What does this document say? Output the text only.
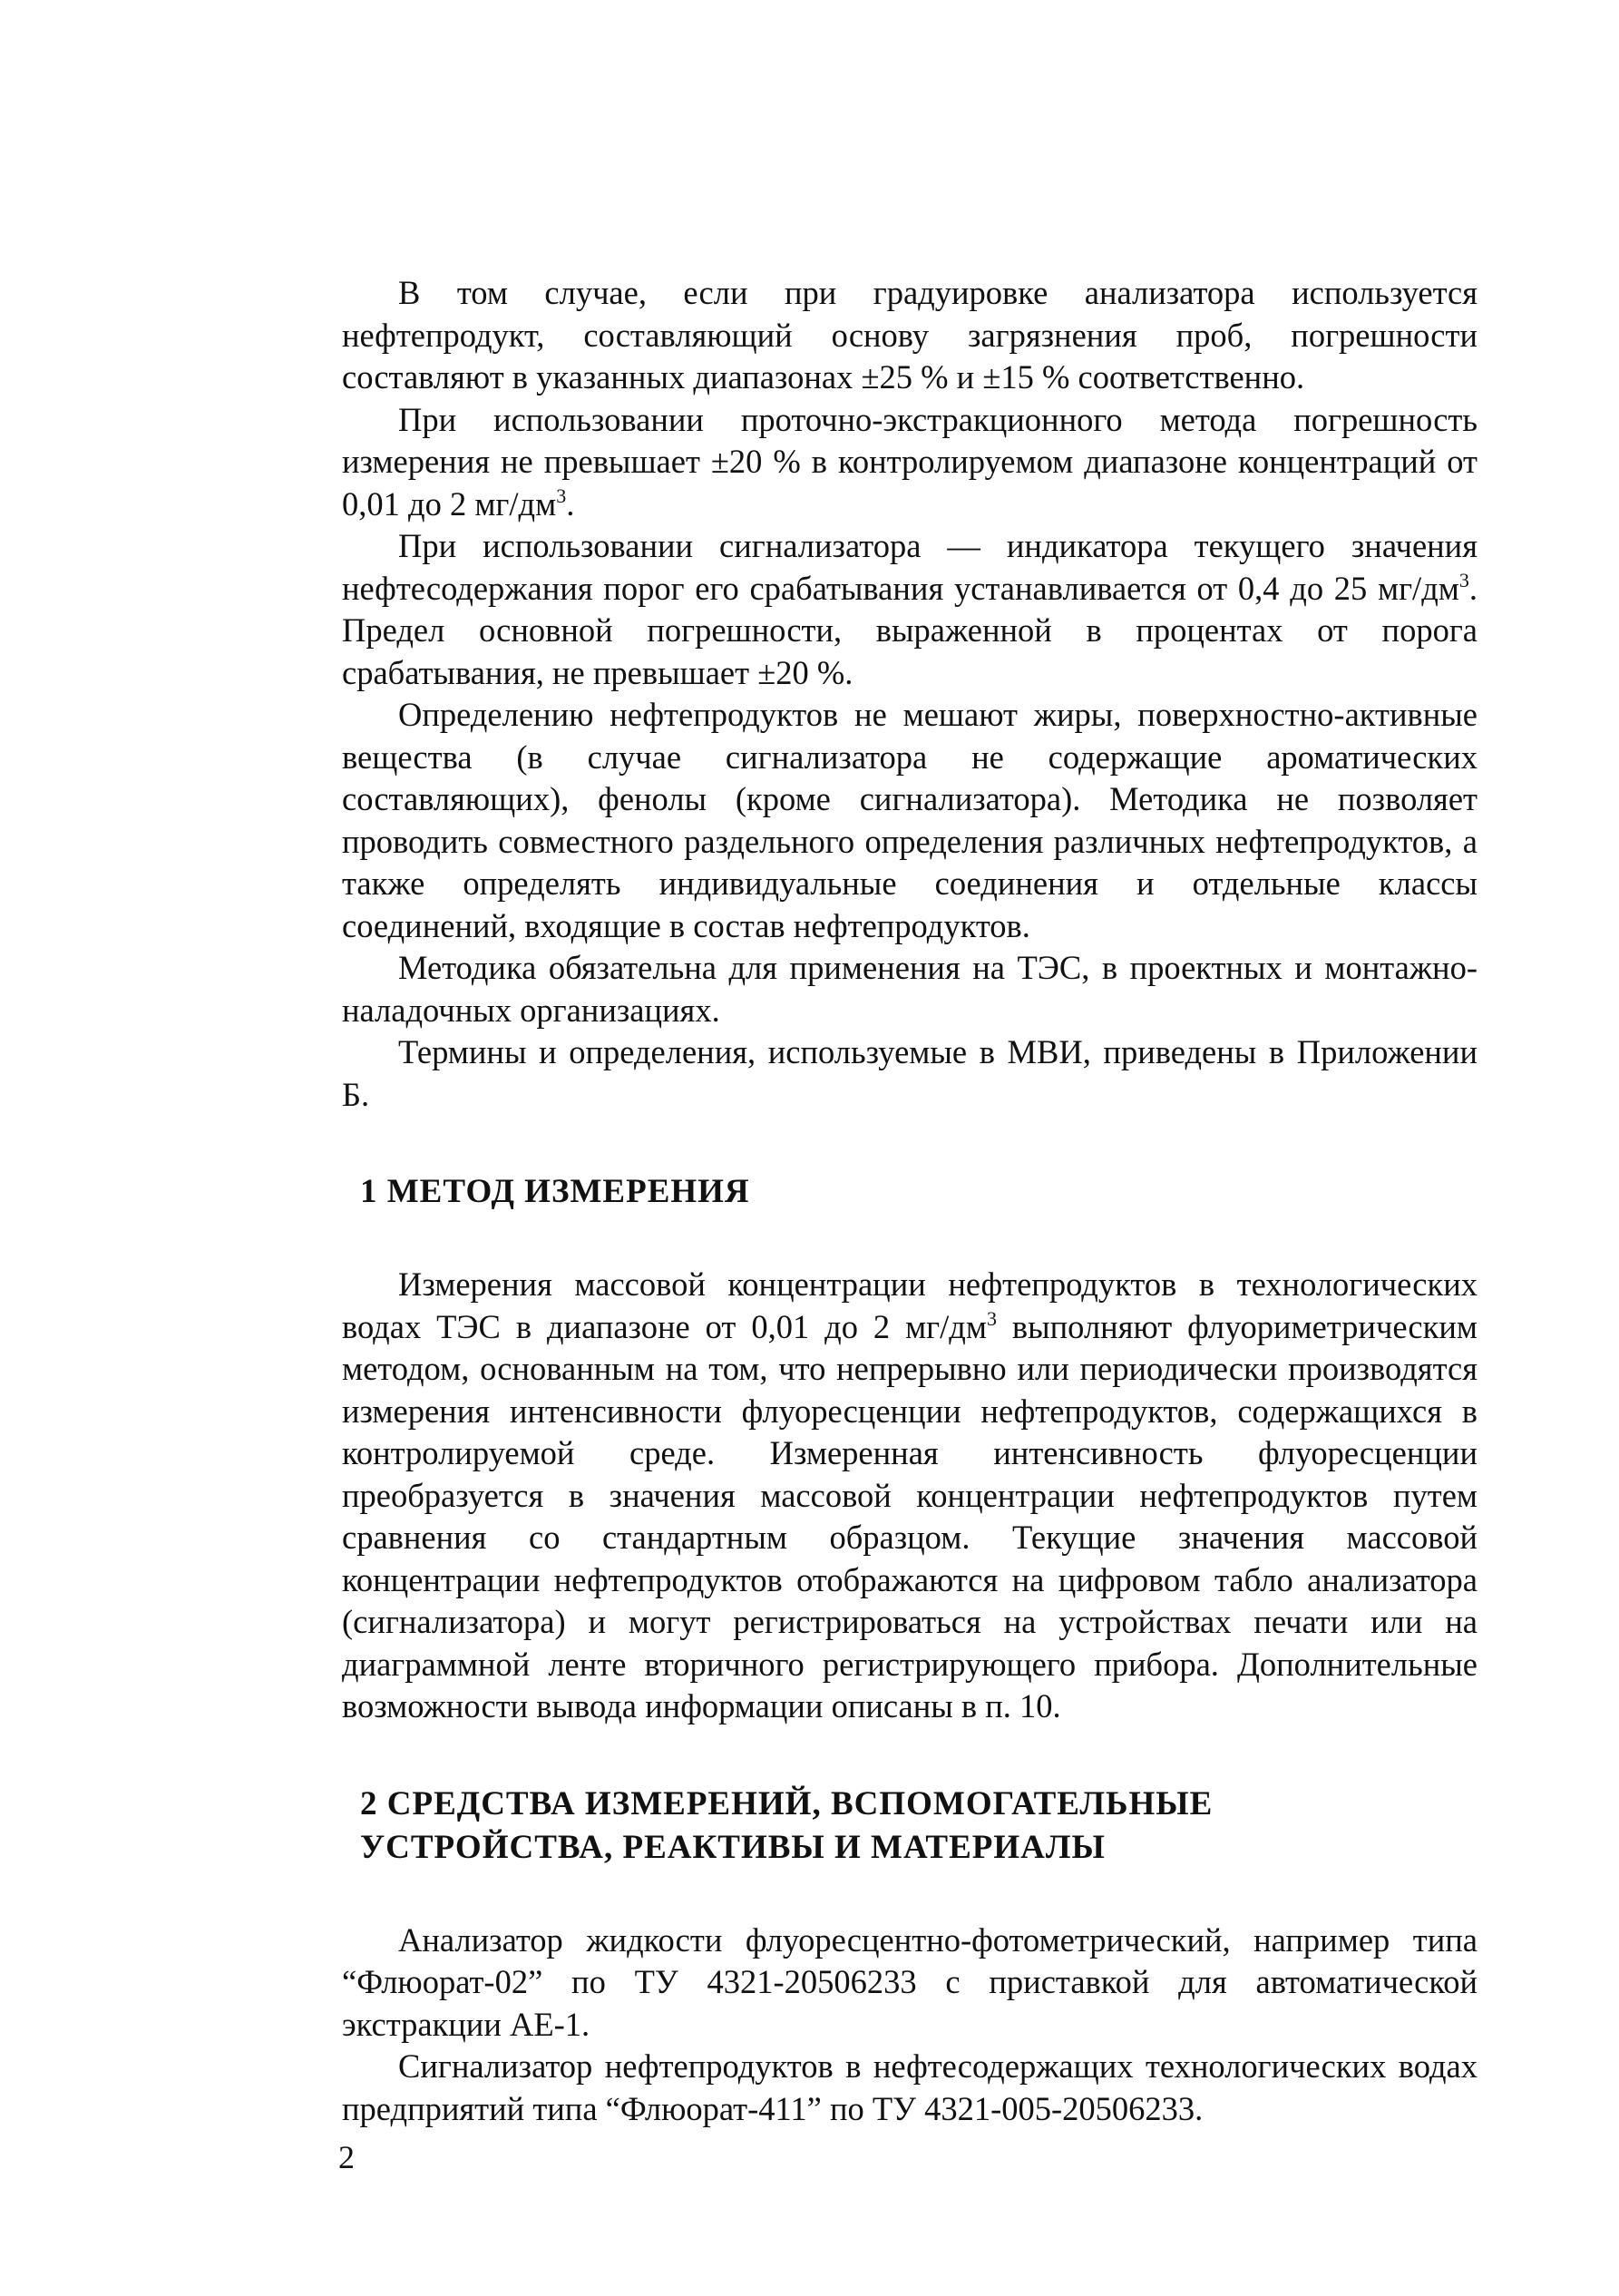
В том случае, если при градуировке анализатора используется нефтепродукт, составляющий основу загрязнения проб, погрешности составляют в указанных диапазонах ±25 % и ±15 % соответственно.

При использовании проточно-экстракционного метода погрешность измерения не превышает ±20 % в контролируемом диапазоне концентраций от 0,01 до 2 $мг/дм^3$.

При использовании сигнализатора — индикатора текущего значения нефтесодержания порог его срабатывания устанавливается от 0,4 до 25 $мг/дм^3$. Предел основной погрешности, выраженной в процентах от порога срабатывания, не превышает ±20 %.

Определению нефтепродуктов не мешают жиры, поверхностно-активные вещества (в случае сигнализатора не содержащие ароматических составляющих), фенолы (кроме сигнализатора). Методика не позволяет проводить совместного раздельного определения различных нефтепродуктов, а также определять индивидуальные соединения и отдельные классы соединений, входящие в состав нефтепродуктов.

Методика обязательна для применения на ТЭС, в проектных и монтажно-наладочных организациях.

Термины и определения, используемые в МВИ, приведены в Приложении Б.

1 МЕТОД ИЗМЕРЕНИЯ

Измерения массовой концентрации нефтепродуктов в технологических водах ТЭС в диапазоне от 0,01 до 2 $мг/дм^3$ выполняют флуориметрическим методом, основанным на том, что непрерывно или периодически производятся измерения интенсивности флуоресценции нефтепродуктов, содержащихся в контролируемой среде. Измеренная интенсивность флуоресценции преобразуется в значения массовой концентрации нефтепродуктов путем сравнения со стандартным образцом. Текущие значения массовой концентрации нефтепродуктов отображаются на цифровом табло анализатора (сигнализатора) и могут регистрироваться на устройствах печати или на диаграммной ленте вторичного регистрирующего прибора. Дополнительные возможности вывода информации описаны в п. 10.

2 СРЕДСТВА ИЗМЕРЕНИЙ, ВСПОМОГАТЕЛЬНЫЕ
УСТРОЙСТВА, РЕАКТИВЫ И МАТЕРИАЛЫ

Анализатор жидкости флуоресцентно-фотометрический, например типа “Флюорат-02” по ТУ 4321-20506233 с приставкой для автоматической экстракции АЕ-1.

Сигнализатор нефтепродуктов в нефтесодержащих технологических водах предприятий типа “Флюорат-411” по ТУ 4321-005-20506233.

2
